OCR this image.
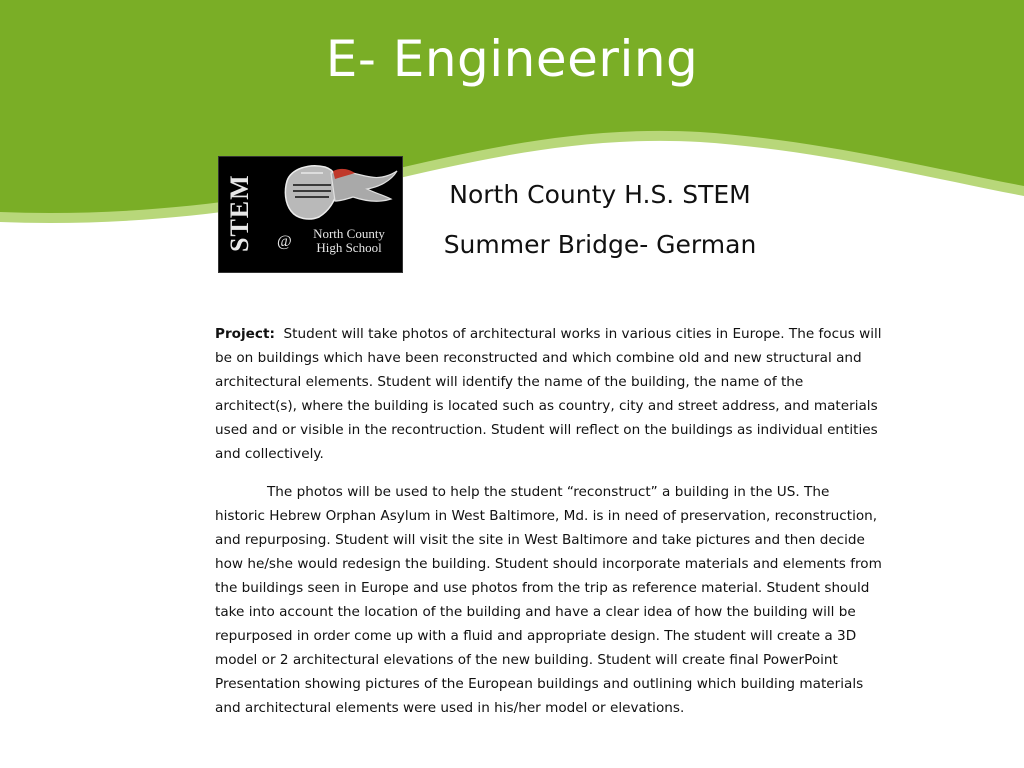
E- Engineering
STEM	@	North County
High School
North County H.S. STEM
Summer Bridge- German

Project: Student will take photos of architectural works in various cities in Europe. The focus will be on buildings which have been reconstructed and which combine old and new structural and architectural elements. Student will identify the name of the building, the name of the architect(s), where the building is located such as country, city and street address, and materials used and or visible in the recontruction. Student will reflect on the buildings as individual entities and collectively.

The photos will be used to help the student “reconstruct” a building in the US. The historic Hebrew Orphan Asylum in West Baltimore, Md. is in need of preservation, reconstruction, and repurposing. Student will visit the site in West Baltimore and take pictures and then decide how he/she would redesign the building. Student should incorporate materials and elements from the buildings seen in Europe and use photos from the trip as reference material. Student should take into account the location of the building and have a clear idea of how the building will be repurposed in order come up with a fluid and appropriate design. The student will create a 3D model or 2 architectural elevations of the new building. Student will create final PowerPoint Presentation showing pictures of the European buildings and outlining which building materials and architectural elements were used in his/her model or elevations.
